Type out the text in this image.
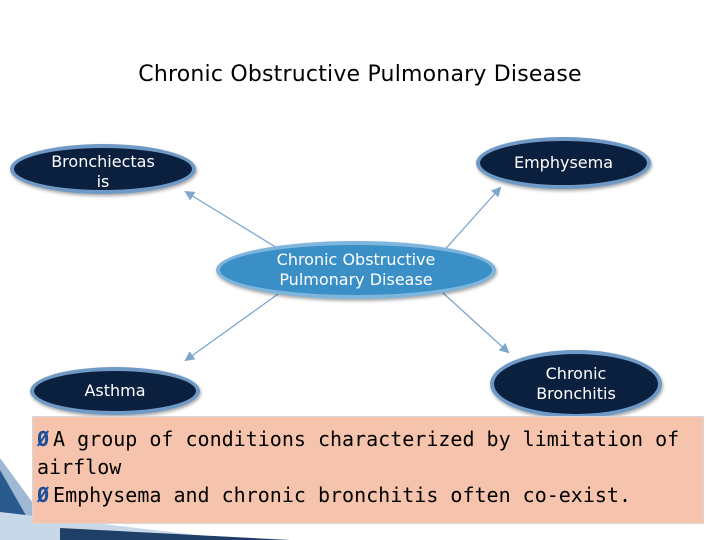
Chronic Obstructive Pulmonary Disease
Bronchiectas
is
Emphysema
Chronic Obstructive
Pulmonary Disease
Asthma
Chronic
Bronchitis
Ø A group of conditions characterized by limitation of airflow
Ø Emphysema and chronic bronchitis often co-exist.
